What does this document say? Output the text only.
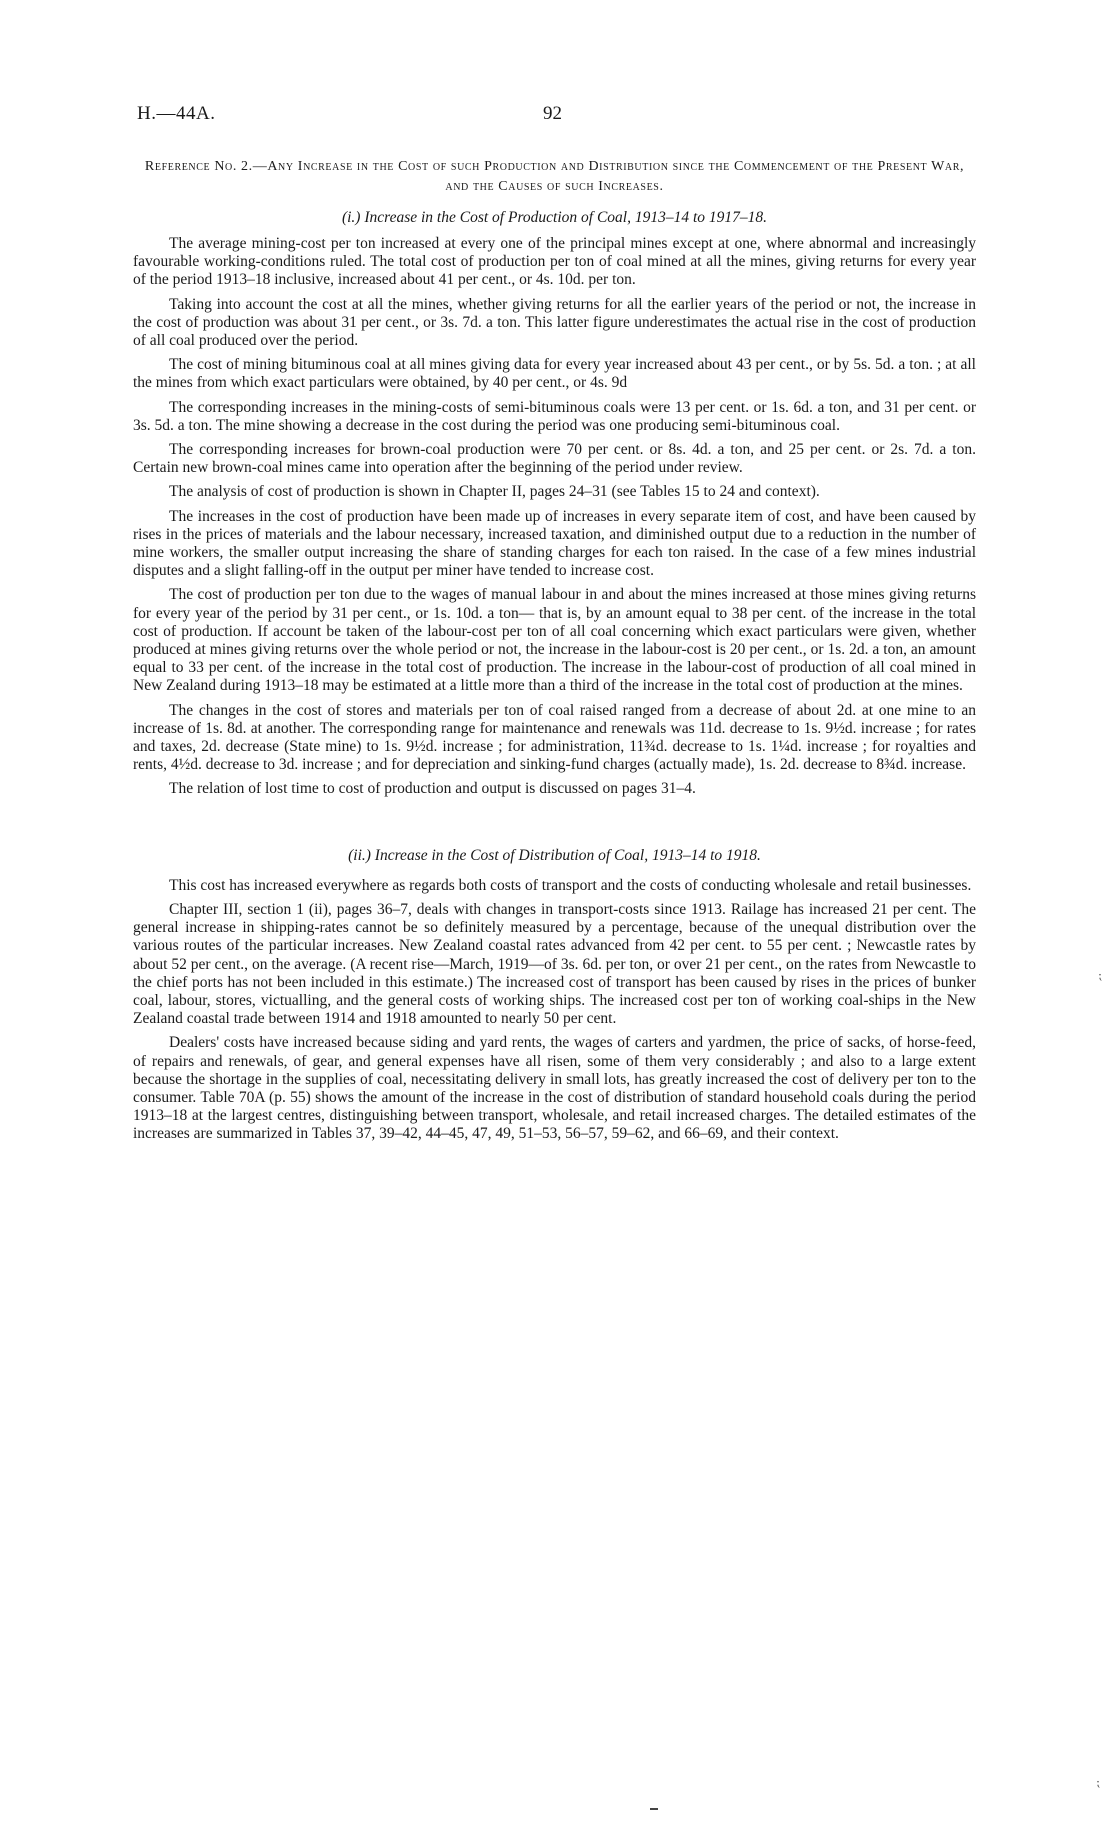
H.—44A.	92
Reference No. 2.—Any Increase in the Cost of such Production and Distribution since the Commencement of the Present War, and the Causes of such Increases.
(i.) Increase in the Cost of Production of Coal, 1913–14 to 1917–18.

The average mining-cost per ton increased at every one of the principal mines except at one, where abnormal and increasingly favourable working-conditions ruled. The total cost of production per ton of coal mined at all the mines, giving returns for every year of the period 1913–18 inclusive, increased about 41 per cent., or 4s. 10d. per ton.

Taking into account the cost at all the mines, whether giving returns for all the earlier years of the period or not, the increase in the cost of production was about 31 per cent., or 3s. 7d. a ton. This latter figure underestimates the actual rise in the cost of production of all coal produced over the period.

The cost of mining bituminous coal at all mines giving data for every year increased about 43 per cent., or by 5s. 5d. a ton. ; at all the mines from which exact particulars were obtained, by 40 per cent., or 4s. 9d

The corresponding increases in the mining-costs of semi-bituminous coals were 13 per cent. or 1s. 6d. a ton, and 31 per cent. or 3s. 5d. a ton. The mine showing a decrease in the cost during the period was one producing semi-bituminous coal.

The corresponding increases for brown-coal production were 70 per cent. or 8s. 4d. a ton, and 25 per cent. or 2s. 7d. a ton. Certain new brown-coal mines came into operation after the beginning of the period under review.

The analysis of cost of production is shown in Chapter II, pages 24–31 (see Tables 15 to 24 and context).

The increases in the cost of production have been made up of increases in every separate item of cost, and have been caused by rises in the prices of materials and the labour necessary, increased taxation, and diminished output due to a reduction in the number of mine workers, the smaller output increasing the share of standing charges for each ton raised. In the case of a few mines industrial disputes and a slight falling-off in the output per miner have tended to increase cost.

The cost of production per ton due to the wages of manual labour in and about the mines increased at those mines giving returns for every year of the period by 31 per cent., or 1s. 10d. a ton— that is, by an amount equal to 38 per cent. of the increase in the total cost of production. If account be taken of the labour-cost per ton of all coal concerning which exact particulars were given, whether produced at mines giving returns over the whole period or not, the increase in the labour-cost is 20 per cent., or 1s. 2d. a ton, an amount equal to 33 per cent. of the increase in the total cost of production. The increase in the labour-cost of production of all coal mined in New Zealand during 1913–18 may be estimated at a little more than a third of the increase in the total cost of production at the mines.

The changes in the cost of stores and materials per ton of coal raised ranged from a decrease of about 2d. at one mine to an increase of 1s. 8d. at another. The corresponding range for maintenance and renewals was 11d. decrease to 1s. 9½d. increase ; for rates and taxes, 2d. decrease (State mine) to 1s. 9½d. increase ; for administration, 11¾d. decrease to 1s. 1¼d. increase ; for royalties and rents, 4½d. decrease to 3d. increase ; and for depreciation and sinking-fund charges (actually made), 1s. 2d. decrease to 8¾d. increase.

The relation of lost time to cost of production and output is discussed on pages 31–4.

(ii.) Increase in the Cost of Distribution of Coal, 1913–14 to 1918.

This cost has increased everywhere as regards both costs of transport and the costs of conducting wholesale and retail businesses.

Chapter III, section 1 (ii), pages 36–7, deals with changes in transport-costs since 1913. Railage has increased 21 per cent. The general increase in shipping-rates cannot be so definitely measured by a percentage, because of the unequal distribution over the various routes of the particular increases. New Zealand coastal rates advanced from 42 per cent. to 55 per cent. ; Newcastle rates by about 52 per cent., on the average. (A recent rise—March, 1919—of 3s. 6d. per ton, or over 21 per cent., on the rates from Newcastle to the chief ports has not been included in this estimate.) The increased cost of transport has been caused by rises in the prices of bunker coal, labour, stores, victualling, and the general costs of working ships. The increased cost per ton of working coal-ships in the New Zealand coastal trade between 1914 and 1918 amounted to nearly 50 per cent.

Dealers' costs have increased because siding and yard rents, the wages of carters and yardmen, the price of sacks, of horse-feed, of repairs and renewals, of gear, and general expenses have all risen, some of them very considerably ; and also to a large extent because the shortage in the supplies of coal, necessitating delivery in small lots, has greatly increased the cost of delivery per ton to the consumer. Table 70A (p. 55) shows the amount of the increase in the cost of distribution of standard household coals during the period 1913–18 at the largest centres, distinguishing between transport, wholesale, and retail increased charges. The detailed estimates of the increases are summarized in Tables 37, 39–42, 44–45, 47, 49, 51–53, 56–57, 59–62, and 66–69, and their context.

⁏
⁏
